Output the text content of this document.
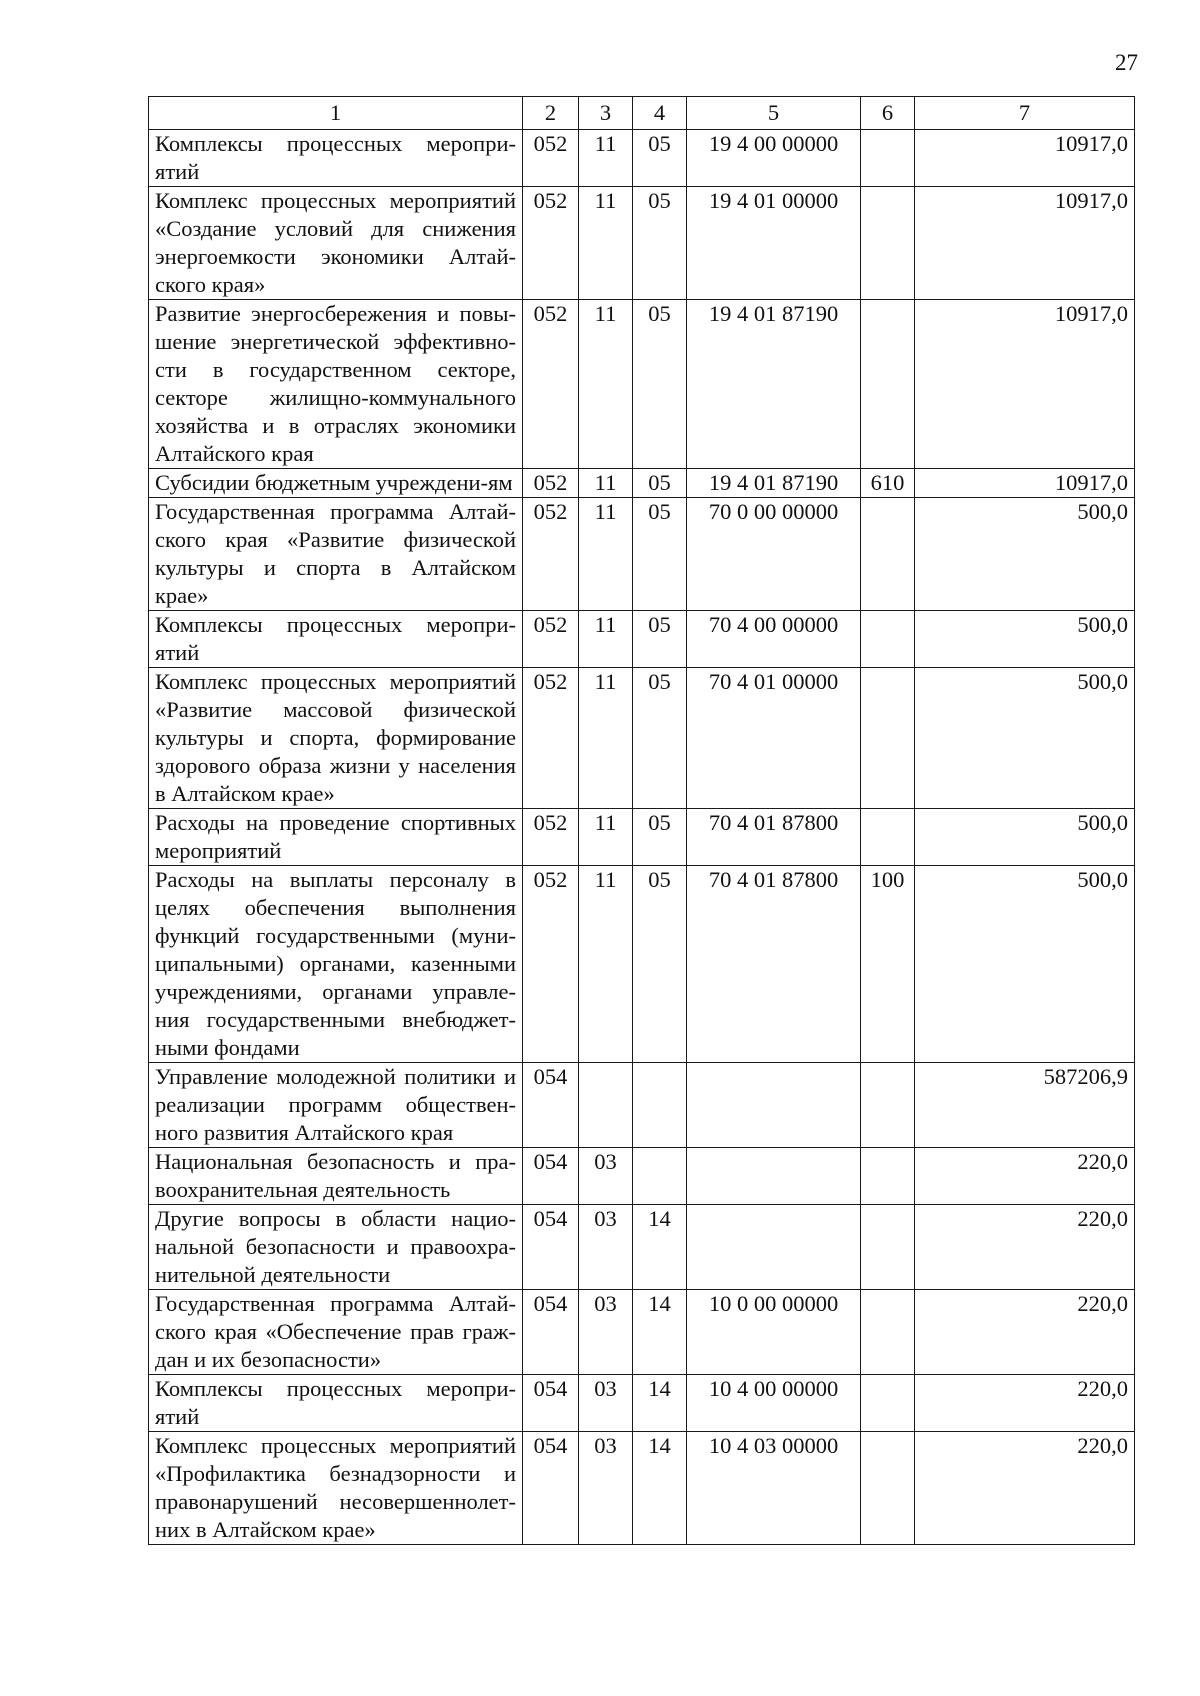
27
1	2	3	4	5	6	7
Комплексы процессных меропри-ятий	052	11	05	19 4 00 00000		10917,0
Комплекс процессных мероприятий «Создание условий для снижения энергоемкости экономики Алтай-ского края»	052	11	05	19 4 01 00000		10917,0
Развитие энергосбережения и повы-шение энергетической эффективно-сти в государственном секторе, секторе жилищно-коммунального хозяйства и в отраслях экономики Алтайского края	052	11	05	19 4 01 87190		10917,0
Субсидии бюджетным учреждени-ям	052	11	05	19 4 01 87190	610	10917,0
Государственная программа Алтай-ского края «Развитие физической культуры и спорта в Алтайском крае»	052	11	05	70 0 00 00000		500,0
Комплексы процессных меропри-ятий	052	11	05	70 4 00 00000		500,0
Комплекс процессных мероприятий «Развитие массовой физической культуры и спорта, формирование здорового образа жизни у населения в Алтайском крае»	052	11	05	70 4 01 00000		500,0
Расходы на проведение спортивных мероприятий	052	11	05	70 4 01 87800		500,0
Расходы на выплаты персоналу в целях обеспечения выполнения функций государственными (муни-ципальными) органами, казенными учреждениями, органами управле-ния государственными внебюджет-ными фондами	052	11	05	70 4 01 87800	100	500,0
Управление молодежной политики и реализации программ обществен-ного развития Алтайского края	054					587206,9
Национальная безопасность и пра-воохранительная деятельность	054	03				220,0
Другие вопросы в области нацио-нальной безопасности и правоохра-нительной деятельности	054	03	14			220,0
Государственная программа Алтай-ского края «Обеспечение прав граж-дан и их безопасности»	054	03	14	10 0 00 00000		220,0
Комплексы процессных меропри-ятий	054	03	14	10 4 00 00000		220,0
Комплекс процессных мероприятий «Профилактика безнадзорности и правонарушений несовершеннолет-них в Алтайском крае»	054	03	14	10 4 03 00000		220,0
